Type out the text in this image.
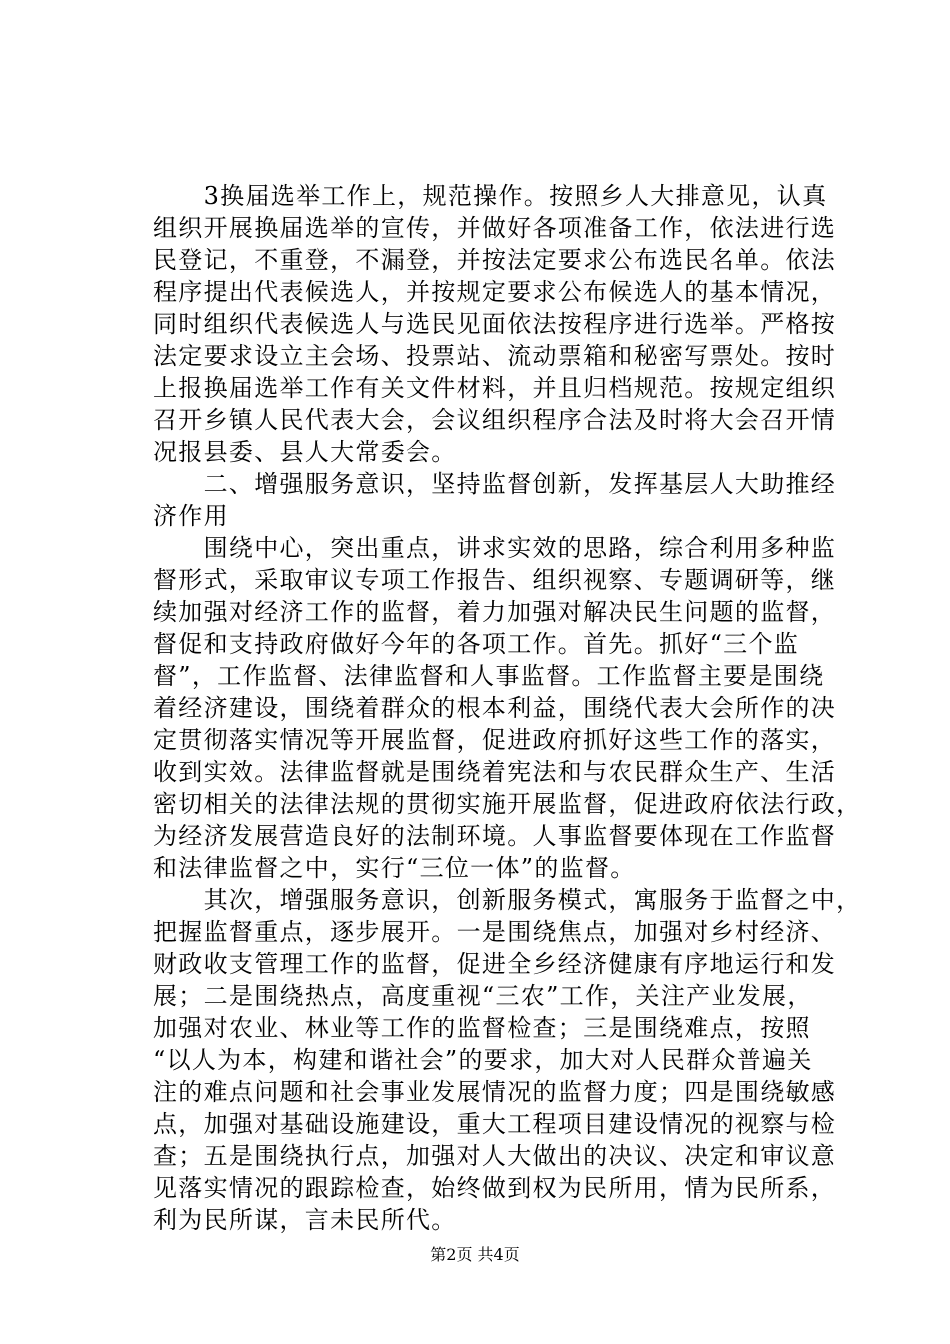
　　3换届选举工作上，规范操作。按照乡人大排意见，认真
组织开展换届选举的宣传，并做好各项准备工作，依法进行选
民登记，不重登，不漏登，并按法定要求公布选民名单。依法
程序提出代表候选人，并按规定要求公布候选人的基本情况，
同时组织代表候选人与选民见面依法按程序进行选举。严格按
法定要求设立主会场、投票站、流动票箱和秘密写票处。按时
上报换届选举工作有关文件材料，并且归档规范。按规定组织
召开乡镇人民代表大会，会议组织程序合法及时将大会召开情
况报县委、县人大常委会。
　　二、增强服务意识，坚持监督创新，发挥基层人大助推经
济作用
　　围绕中心，突出重点，讲求实效的思路，综合利用多种监
督形式，采取审议专项工作报告、组织视察、专题调研等，继
续加强对经济工作的监督，着力加强对解决民生问题的监督，
督促和支持政府做好今年的各项工作。首先。抓好“三个监
督”，工作监督、法律监督和人事监督。工作监督主要是围绕
着经济建设，围绕着群众的根本利益，围绕代表大会所作的决
定贯彻落实情况等开展监督，促进政府抓好这些工作的落实，
收到实效。法律监督就是围绕着宪法和与农民群众生产、生活
密切相关的法律法规的贯彻实施开展监督，促进政府依法行政，
为经济发展营造良好的法制环境。人事监督要体现在工作监督
和法律监督之中，实行“三位一体”的监督。
　　其次，增强服务意识，创新服务模式，寓服务于监督之中，
把握监督重点，逐步展开。一是围绕焦点，加强对乡村经济、
财政收支管理工作的监督，促进全乡经济健康有序地运行和发
展；二是围绕热点，高度重视“三农”工作，关注产业发展，
加强对农业、林业等工作的监督检查；三是围绕难点，按照
“以人为本，构建和谐社会”的要求，加大对人民群众普遍关
注的难点问题和社会事业发展情况的监督力度；四是围绕敏感
点，加强对基础设施建设，重大工程项目建设情况的视察与检
查；五是围绕执行点，加强对人大做出的决议、决定和审议意
见落实情况的跟踪检查，始终做到权为民所用，情为民所系，
利为民所谋，言未民所代。
第2页 共4页
